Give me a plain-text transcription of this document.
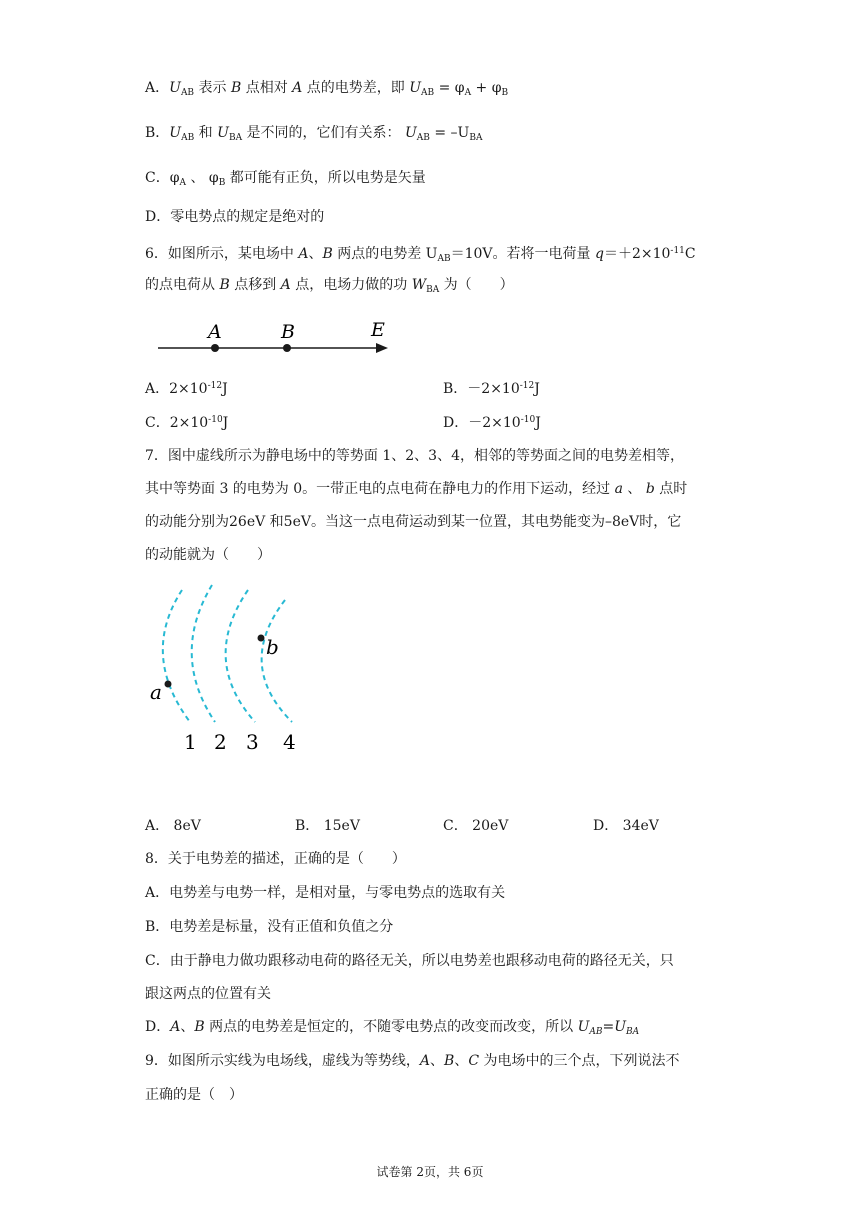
A．$U_{AB}$ 表示 B 点相对 A 点的电势差，即 $U_{AB} = \varphi_A + \varphi_B$
B．$U_{AB}$ 和 $U_{BA}$ 是不同的，它们有关系： $U_{AB} = -U_{BA}$
C．$\varphi_A$ 、 $\varphi_B$ 都可能有正负，所以电势是矢量
D．零电势点的规定是绝对的
6．如图所示，某电场中 A、B 两点的电势差 $U_{AB}=10V$。若将一电荷量 $q=+2\times 10^{-11}C$
的点电荷从 B 点移到 A 点，电场力做的功 $W_{BA}$ 为（　　）
A	B	E
A．$2\times 10^{-12}J$	B．$-2\times 10^{-12}J$
C．$2\times 10^{-10}J$	D．$-2\times 10^{-10}J$
7．图中虚线所示为静电场中的等势面 1、2、3、4，相邻的等势面之间的电势差相等，
其中等势面 3 的电势为 0。一带正电的点电荷在静电力的作用下运动，经过 a 、 b 点时
的动能分别为26eV 和5eV。当这一点电荷运动到某一位置，其电势能变为–8eV时，它
的动能就为（　　）
a
b
1 2 3 4
A． 8eV	B． 15eV	C． 20eV	D． 34eV
8．关于电势差的描述，正确的是（　　）
A．电势差与电势一样，是相对量，与零电势点的选取有关
B．电势差是标量，没有正值和负值之分
C．由于静电力做功跟移动电荷的路径无关，所以电势差也跟移动电荷的路径无关，只
跟这两点的位置有关
D．A、B 两点的电势差是恒定的，不随零电势点的改变而改变，所以 $U_{AB}=U_{BA}$
9．如图所示实线为电场线，虚线为等势线，A、B、C 为电场中的三个点，下列说法不
正确的是（　）
试卷第 2页，共 6页
